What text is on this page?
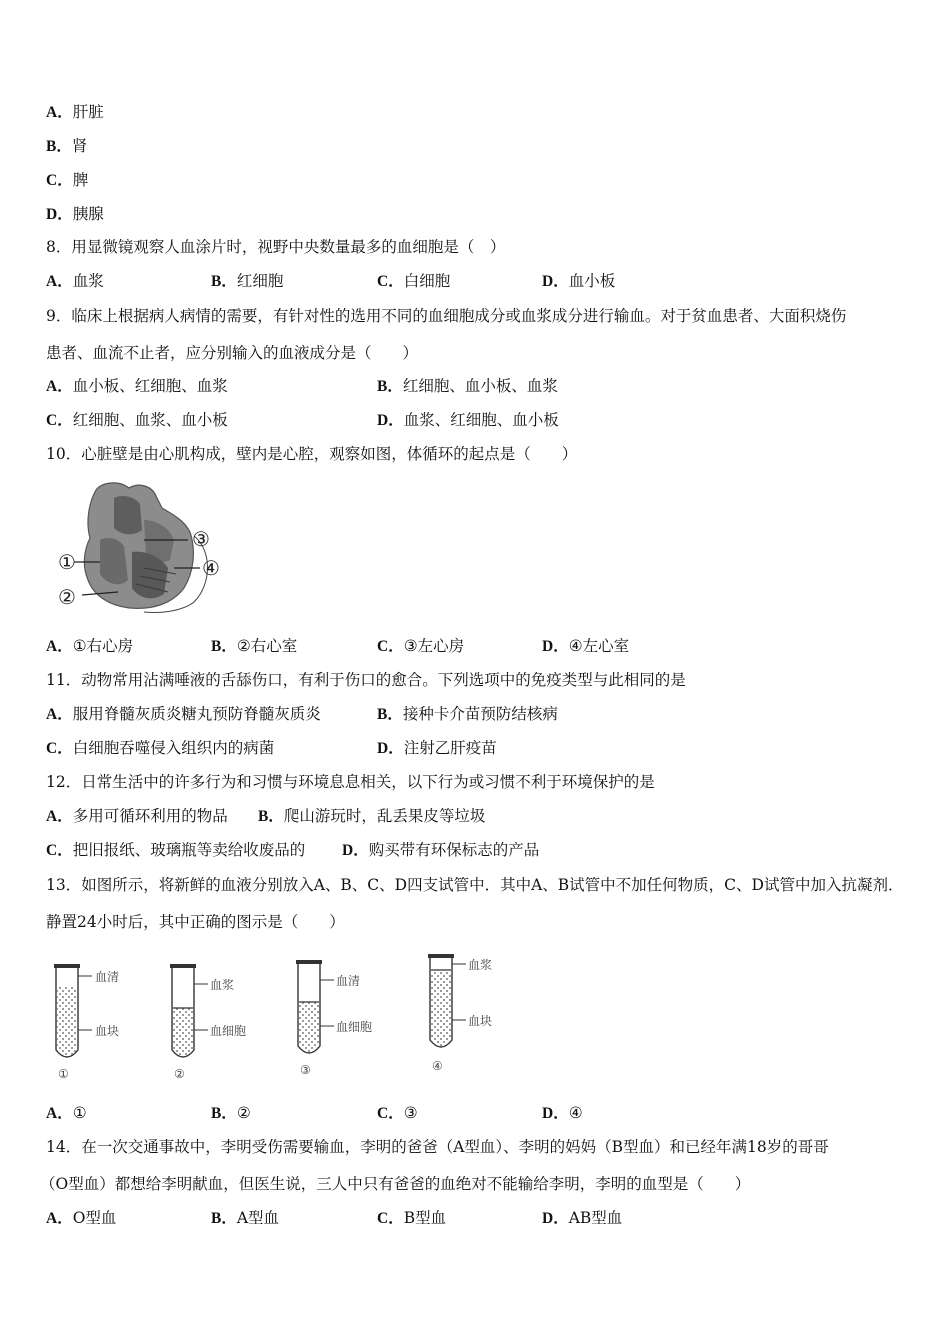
A．肝脏
B．肾
C．脾
D．胰腺
8．用显微镜观察人血涂片时，视野中央数量最多的血细胞是（　）
A．血浆	B．红细胞	C．白细胞	D．血小板
9．临床上根据病人病情的需要，有针对性的选用不同的血细胞成分或血浆成分进行输血。对于贫血患者、大面积烧伤
患者、血流不止者，应分别输入的血液成分是（　　）
A．血小板、红细胞、血浆	B．红细胞、血小板、血浆
C．红细胞、血浆、血小板	D．血浆、红细胞、血小板
10．心脏壁是由心肌构成，壁内是心腔，观察如图，体循环的起点是（　　）
①
②
③
④
A．①右心房	B．②右心室	C．③左心房	D．④左心室
11．动物常用沾满唾液的舌舔伤口，有利于伤口的愈合。下列选项中的免疫类型与此相同的是
A．服用脊髓灰质炎糖丸预防脊髓灰质炎	B．接种卡介苗预防结核病
C．白细胞吞噬侵入组织内的病菌	D．注射乙肝疫苗
12．日常生活中的许多行为和习惯与环境息息相关，以下行为或习惯不利于环境保护的是
A．多用可循环利用的物品 B．爬山游玩时，乱丢果皮等垃圾
C．把旧报纸、玻璃瓶等卖给收废品的 D．购买带有环保标志的产品
13．如图所示，将新鲜的血液分别放入A、B、C、D四支试管中．其中A、B试管中不加任何物质，C、D试管中加入抗凝剂．
静置24小时后，其中正确的图示是（　　）
血清
血块
①
血浆
血细胞
②
血清
血细胞
③
血浆
血块
④
A．①	B．②	C．③	D．④
14．在一次交通事故中，李明受伤需要输血，李明的爸爸（A型血）、李明的妈妈（B型血）和已经年满18岁的哥哥
（O型血）都想给李明献血，但医生说，三人中只有爸爸的血绝对不能输给李明，李明的血型是（　　）
A．O型血	B．A型血	C．B型血	D．AB型血
